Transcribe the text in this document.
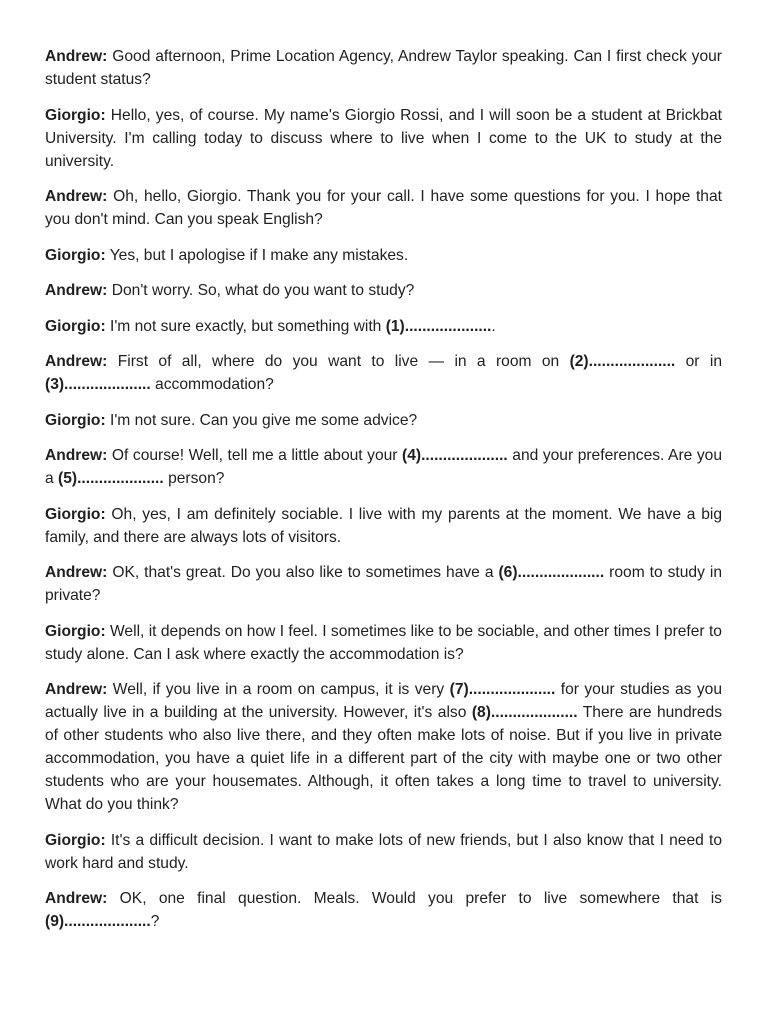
Andrew: Good afternoon, Prime Location Agency, Andrew Taylor speaking. Can I first check your student status?

Giorgio: Hello, yes, of course. My name's Giorgio Rossi, and I will soon be a student at Brickbat University. I'm calling today to discuss where to live when I come to the UK to study at the university.

Andrew: Oh, hello, Giorgio. Thank you for your call. I have some questions for you. I hope that you don't mind. Can you speak English?

Giorgio: Yes, but I apologise if I make any mistakes.

Andrew: Don't worry. So, what do you want to study?

Giorgio: I'm not sure exactly, but something with (1).....................

Andrew: First of all, where do you want to live — in a room on (2).................... or in (3).................... accommodation?

Giorgio: I'm not sure. Can you give me some advice?

Andrew: Of course! Well, tell me a little about your (4).................... and your preferences. Are you a (5).................... person?

Giorgio: Oh, yes, I am definitely sociable. I live with my parents at the moment. We have a big family, and there are always lots of visitors.

Andrew: OK, that's great. Do you also like to sometimes have a (6).................... room to study in private?

Giorgio: Well, it depends on how I feel. I sometimes like to be sociable, and other times I prefer to study alone. Can I ask where exactly the accommodation is?

Andrew: Well, if you live in a room on campus, it is very (7).................... for your studies as you actually live in a building at the university. However, it's also (8).................... There are hundreds of other students who also live there, and they often make lots of noise. But if you live in private accommodation, you have a quiet life in a different part of the city with maybe one or two other students who are your housemates. Although, it often takes a long time to travel to university. What do you think?

Giorgio: It's a difficult decision. I want to make lots of new friends, but I also know that I need to work hard and study.

Andrew: OK, one final question. Meals. Would you prefer to live somewhere that is (9)....................?
